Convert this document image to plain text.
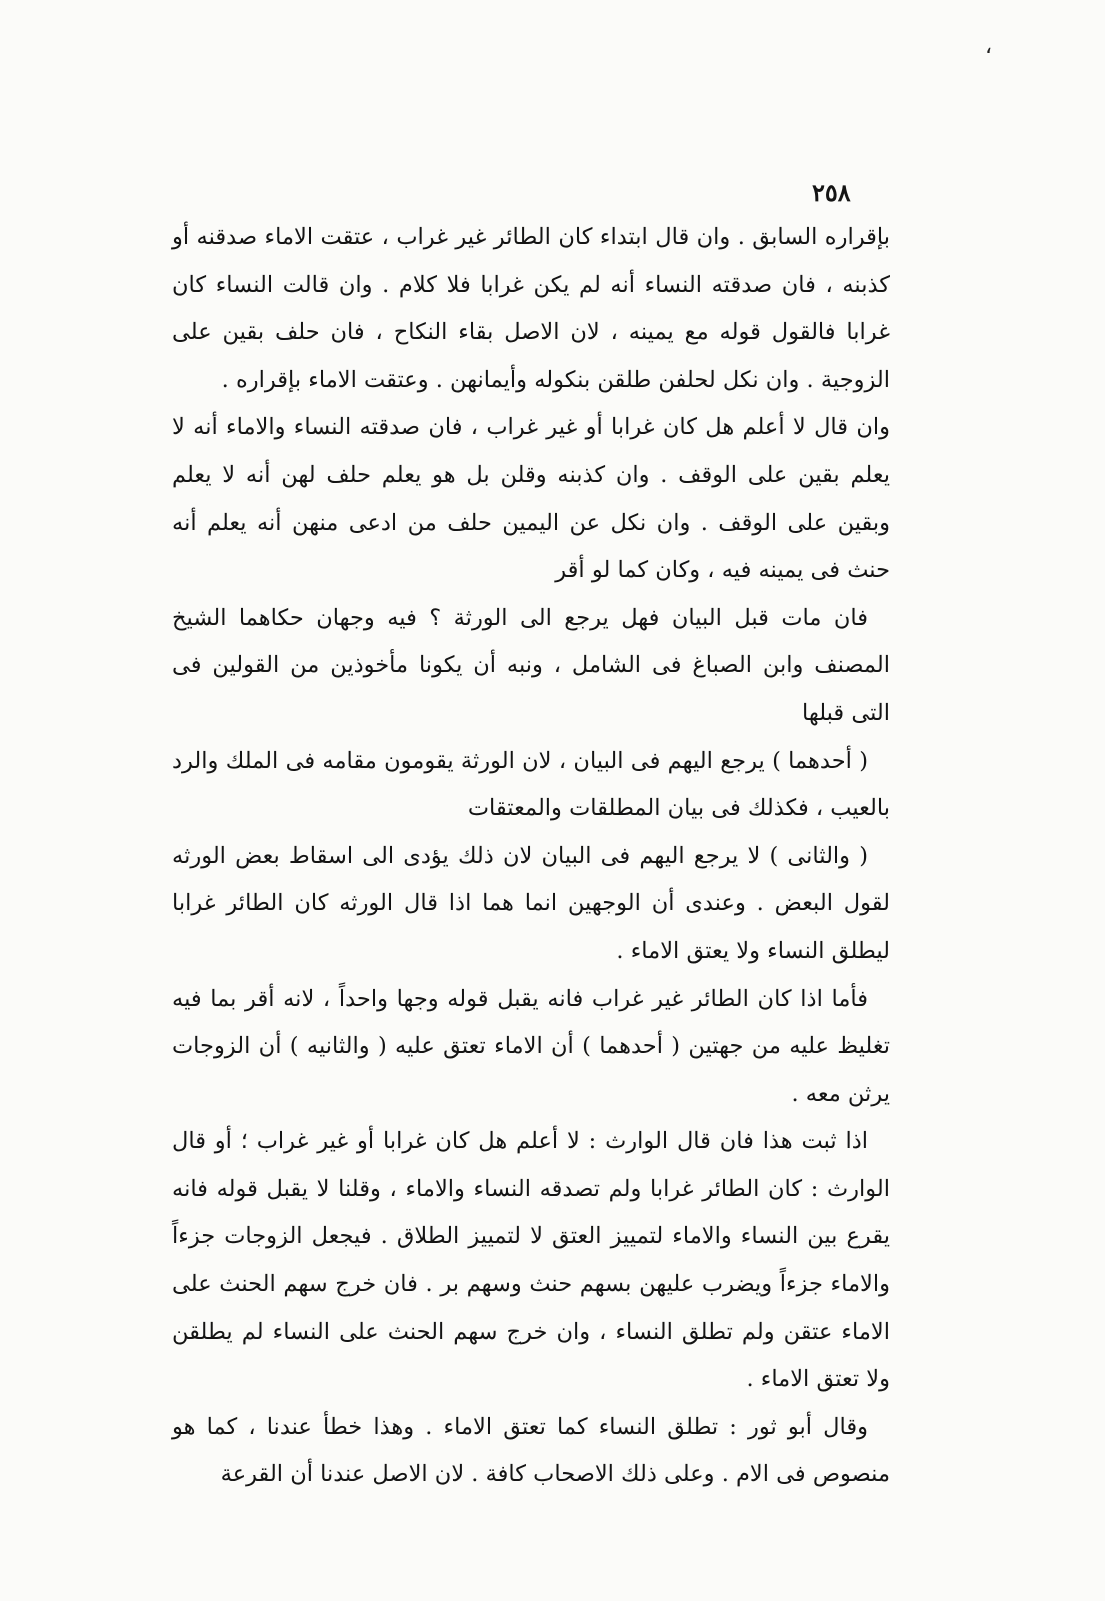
،
٢٥٨

بإقراره السابق . وان قال ابتداء كان الطائر غير غراب ، عتقت الاماء صدقنه أو كذبنه ، فان صدقته النساء أنه لم يكن غرابا فلا كلام . وان قالت النساء كان غرابا فالقول قوله مع يمينه ، لان الاصل بقاء النكاح ، فان حلف بقين على الزوجية . وان نكل لحلفن طلقن بنكوله وأيمانهن . وعتقت الاماء بإقراره .

وان قال لا أعلم هل كان غرابا أو غير غراب ، فان صدقته النساء والاماء أنه لا يعلم بقين على الوقف . وان كذبنه وقلن بل هو يعلم حلف لهن أنه لا يعلم وبقين على الوقف . وان نكل عن اليمين حلف من ادعى منهن أنه يعلم أنه حنث فى يمينه فيه ، وكان كما لو أقر

فان مات قبل البيان فهل يرجع الى الورثة ؟ فيه وجهان حكاهما الشيخ المصنف وابن الصباغ فى الشامل ، ونبه أن يكونا مأخوذين من القولين فى التى قبلها

( أحدهما ) يرجع اليهم فى البيان ، لان الورثة يقومون مقامه فى الملك والرد بالعيب ، فكذلك فى بيان المطلقات والمعتقات

( والثانى ) لا يرجع اليهم فى البيان لان ذلك يؤدى الى اسقاط بعض الورثه لقول البعض . وعندى أن الوجهين انما هما اذا قال الورثه كان الطائر غرابا ليطلق النساء ولا يعتق الاماء .

فأما اذا كان الطائر غير غراب فانه يقبل قوله وجها واحداً ، لانه أقر بما فيه تغليظ عليه من جهتين ( أحدهما ) أن الاماء تعتق عليه ( والثانيه ) أن الزوجات يرثن معه .

اذا ثبت هذا فان قال الوارث : لا أعلم هل كان غرابا أو غير غراب ؛ أو قال الوارث : كان الطائر غرابا ولم تصدقه النساء والاماء ، وقلنا لا يقبل قوله فانه يقرع بين النساء والاماء لتمييز العتق لا لتمييز الطلاق . فيجعل الزوجات جزءاً والاماء جزءاً ويضرب عليهن بسهم حنث وسهم بر . فان خرج سهم الحنث على الاماء عتقن ولم تطلق النساء ، وان خرج سهم الحنث على النساء لم يطلقن ولا تعتق الاماء .

وقال أبو ثور : تطلق النساء كما تعتق الاماء . وهذا خطأ عندنا ، كما هو منصوص فى الام . وعلى ذلك الاصحاب كافة . لان الاصل عندنا أن القرعة
